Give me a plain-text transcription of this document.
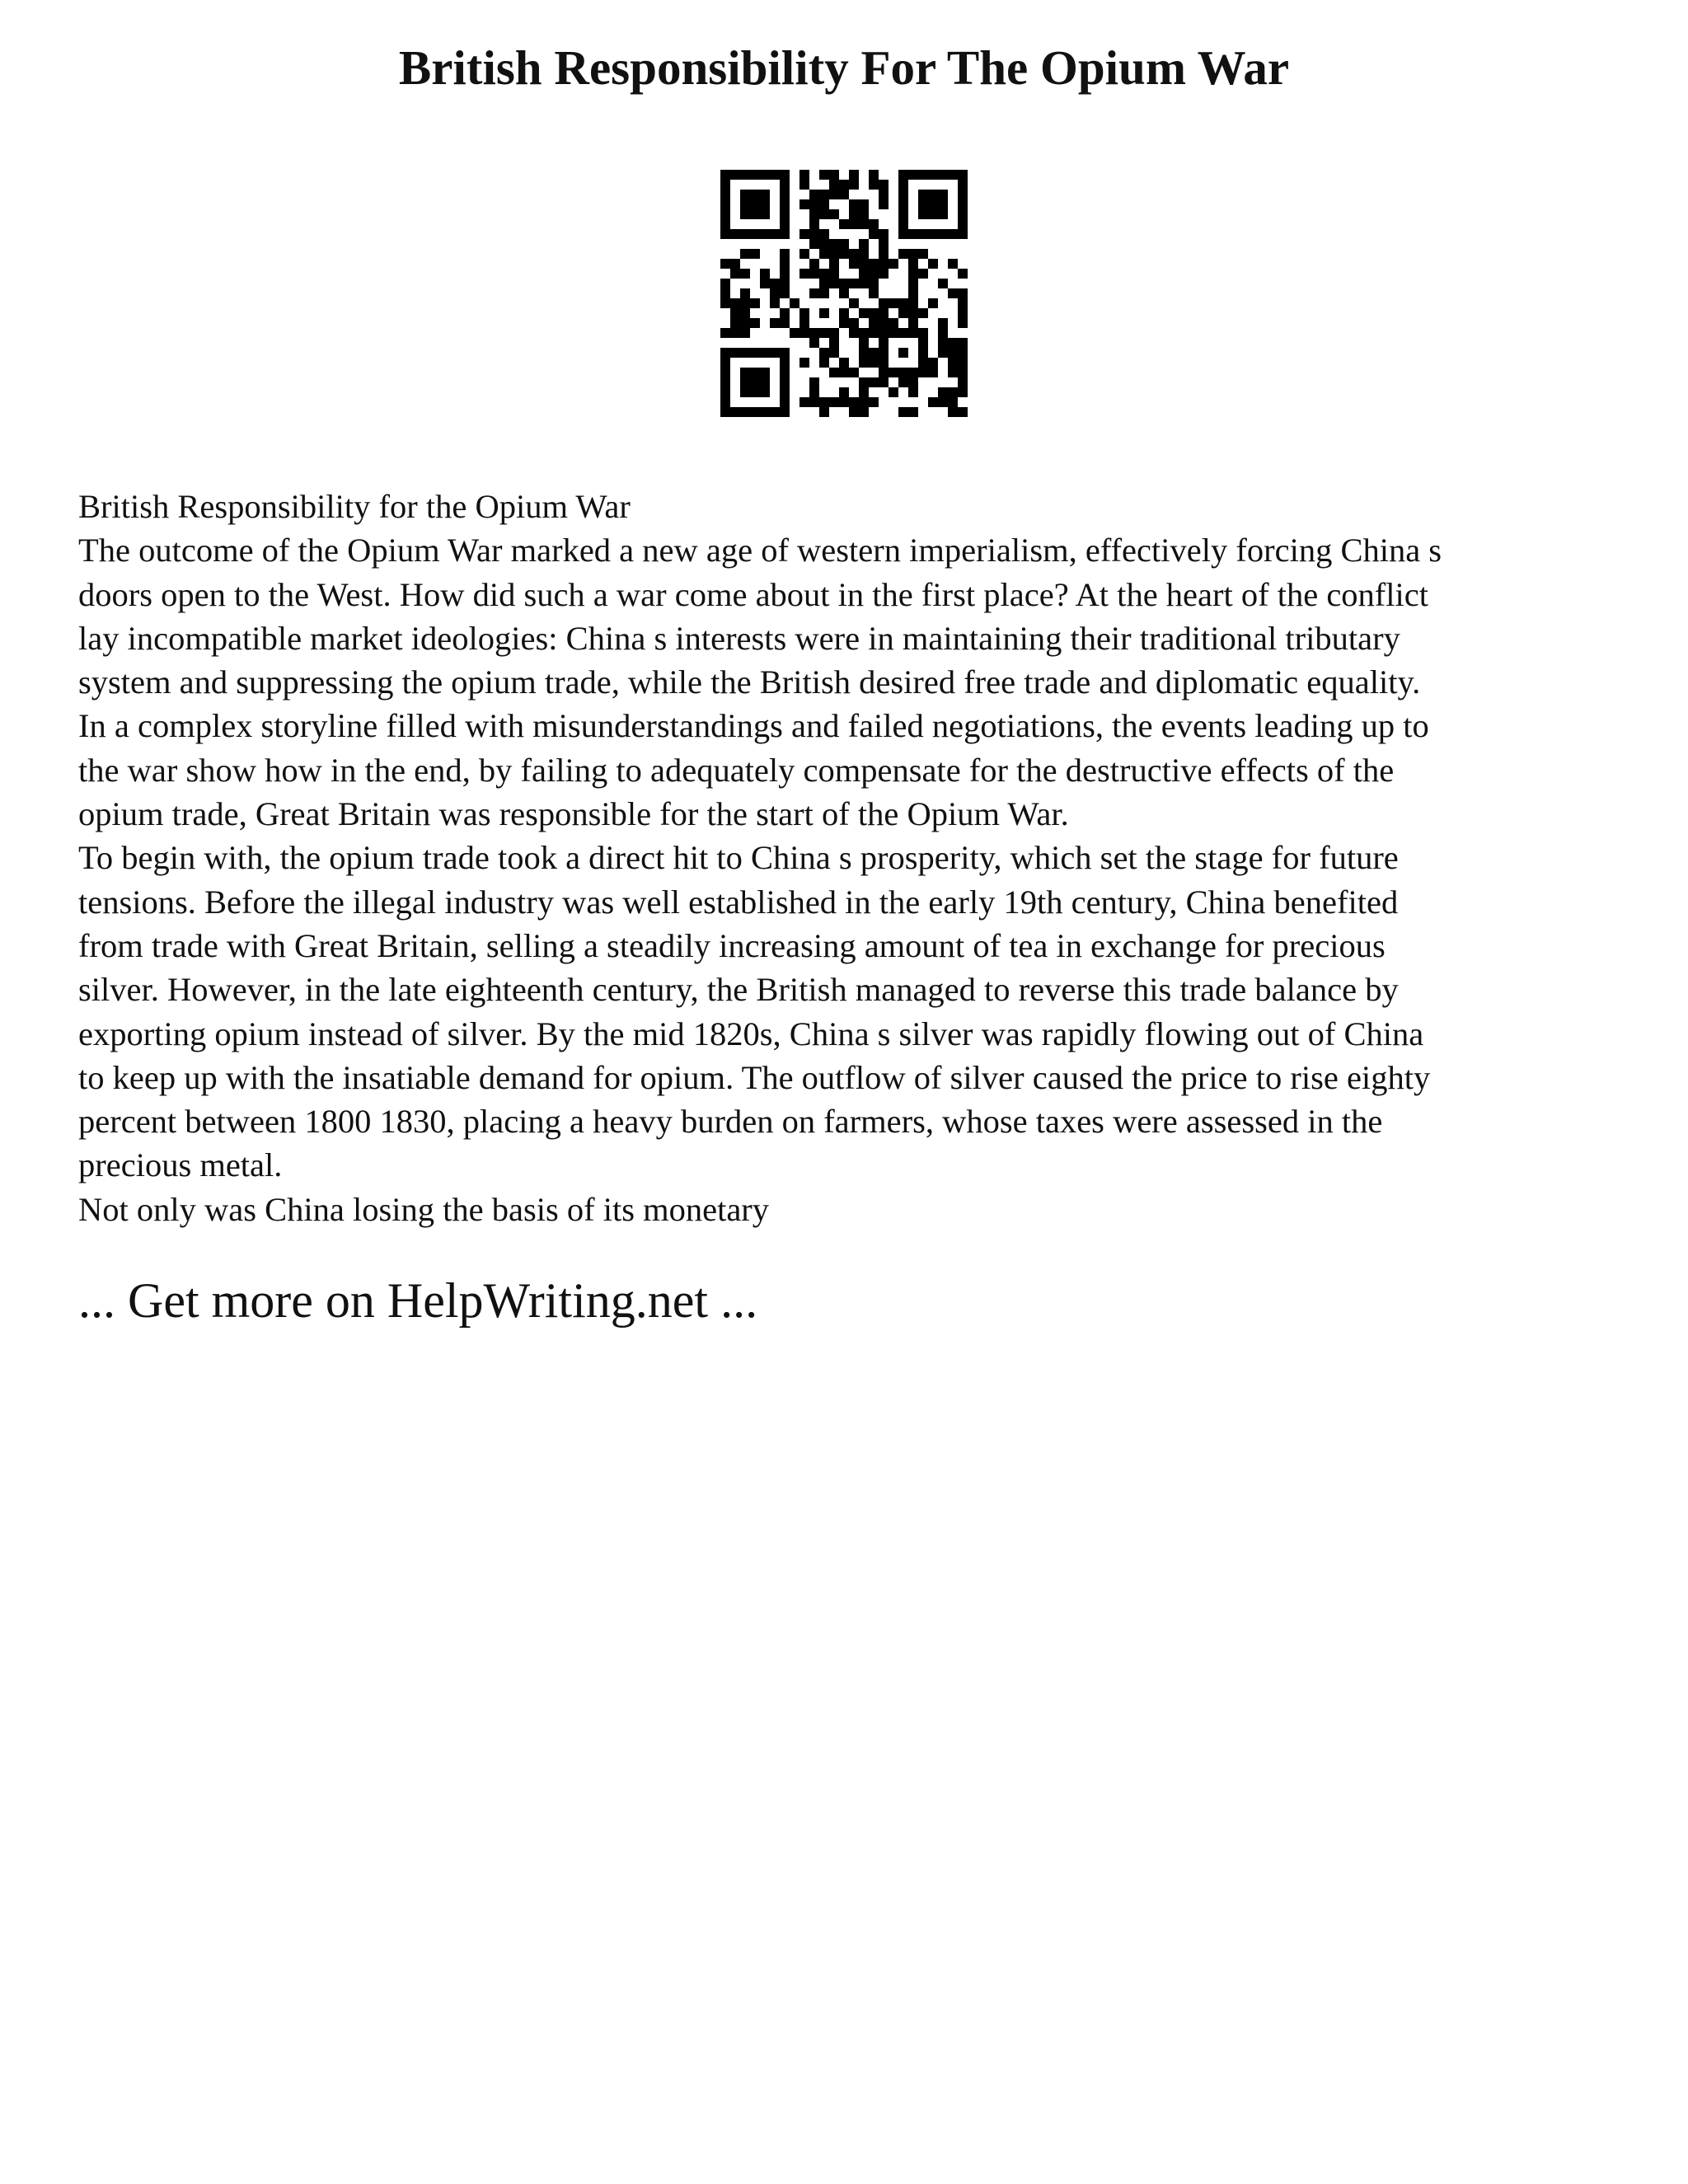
British Responsibility For The Opium War
British Responsibility for the Opium War
The outcome of the Opium War marked a new age of western imperialism, effectively forcing China s
doors open to the West. How did such a war come about in the first place? At the heart of the conflict
lay incompatible market ideologies: China s interests were in maintaining their traditional tributary
system and suppressing the opium trade, while the British desired free trade and diplomatic equality.
In a complex storyline filled with misunderstandings and failed negotiations, the events leading up to
the war show how in the end, by failing to adequately compensate for the destructive effects of the
opium trade, Great Britain was responsible for the start of the Opium War.
To begin with, the opium trade took a direct hit to China s prosperity, which set the stage for future
tensions. Before the illegal industry was well established in the early 19th century, China benefited
from trade with Great Britain, selling a steadily increasing amount of tea in exchange for precious
silver. However, in the late eighteenth century, the British managed to reverse this trade balance by
exporting opium instead of silver. By the mid 1820s, China s silver was rapidly flowing out of China
to keep up with the insatiable demand for opium. The outflow of silver caused the price to rise eighty
percent between 1800 1830, placing a heavy burden on farmers, whose taxes were assessed in the
precious metal.
Not only was China losing the basis of its monetary
... Get more on HelpWriting.net ...
